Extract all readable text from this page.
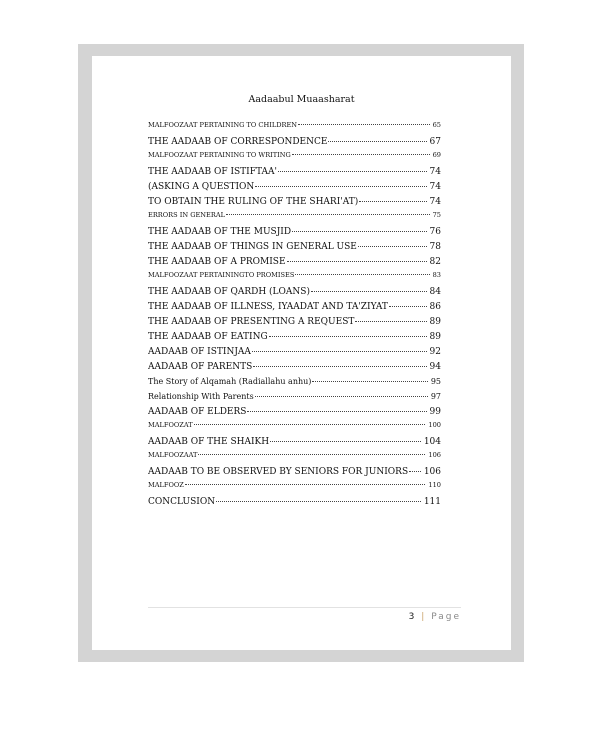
Aadaabul Muaasharat
MALFOOZAAT PERTAINING TO CHILDREN	65
THE AADAAB OF CORRESPONDENCE	67
MALFOOZAAT PERTAINING TO WRITING	69
THE AADAAB OF ISTIFTAA'	74
(ASKING A QUESTION	74
TO OBTAIN THE RULING OF THE SHARI'AT)	74
ERRORS IN GENERAL	75
THE AADAAB OF THE MUSJID	76
THE AADAAB OF THINGS IN GENERAL USE	78
THE AADAAB OF A PROMISE	82
MALFOOZAAT PERTAININGTO PROMISES	83
THE AADAAB OF QARDH (LOANS)	84
THE AADAAB OF ILLNESS, IYAADAT AND TA'ZIYAT	86
THE AADAAB OF PRESENTING A REQUEST	89
THE AADAAB OF EATING	89
AADAAB OF ISTINJAA	92
AADAAB OF PARENTS	94
The Story of Alqamah (Radiallahu anhu)	95
Relationship With Parents	97
AADAAB OF ELDERS	99
MALFOOZAT	100
AADAAB OF THE SHAIKH	104
MALFOOZAAT	106
AADAAB TO BE OBSERVED BY SENIORS FOR JUNIORS 106
MALFOOZ	110
CONCLUSION	111
3 | Page
